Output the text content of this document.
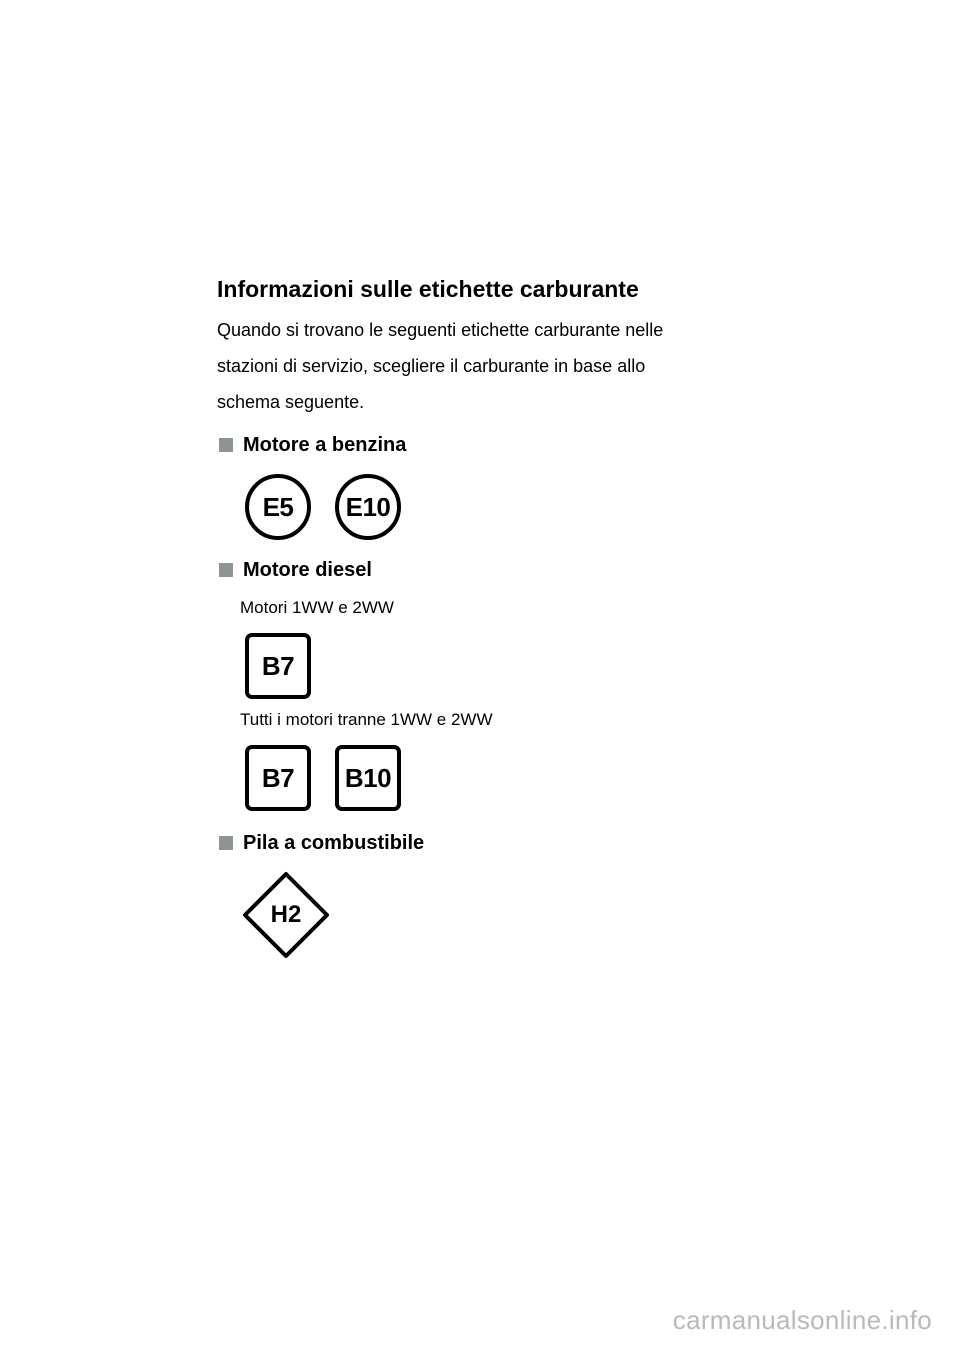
Informazioni sulle etichette carburante

Quando si trovano le seguenti etichette carburante nelle

stazioni di servizio, scegliere il carburante in base allo

schema seguente.

Motore a benzina
E5	E10
Motore diesel

Motori 1WW e 2WW

B7

Tutti i motori tranne 1WW e 2WW

B7	B10
Pila a combustibile
H2
carmanualsonline.info
